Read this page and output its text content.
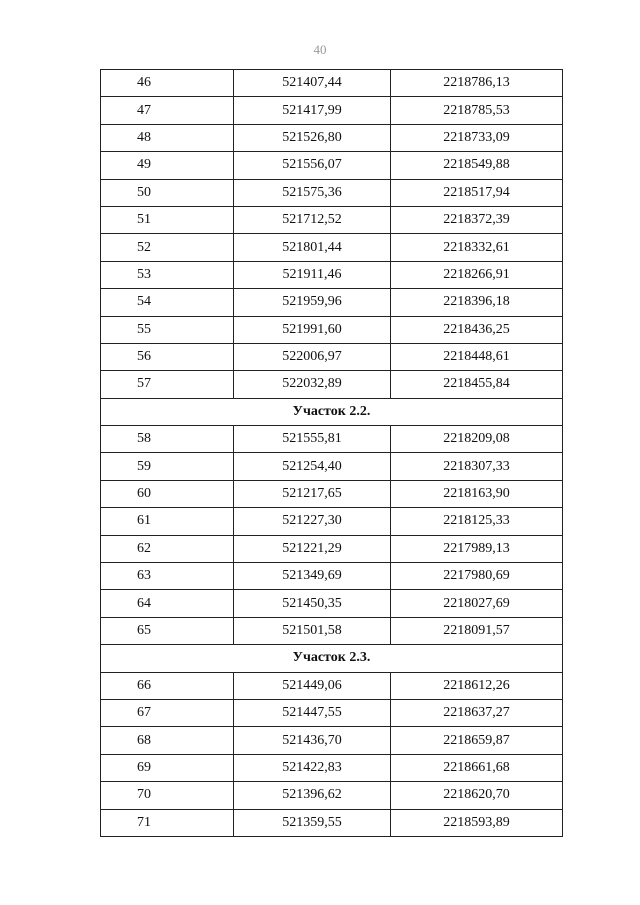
40
46	521407,44	2218786,13
47	521417,99	2218785,53
48	521526,80	2218733,09
49	521556,07	2218549,88
50	521575,36	2218517,94
51	521712,52	2218372,39
52	521801,44	2218332,61
53	521911,46	2218266,91
54	521959,96	2218396,18
55	521991,60	2218436,25
56	522006,97	2218448,61
57	522032,89	2218455,84
Участок 2.2.		
58	521555,81	2218209,08
59	521254,40	2218307,33
60	521217,65	2218163,90
61	521227,30	2218125,33
62	521221,29	2217989,13
63	521349,69	2217980,69
64	521450,35	2218027,69
65	521501,58	2218091,57
Участок 2.3.		
66	521449,06	2218612,26
67	521447,55	2218637,27
68	521436,70	2218659,87
69	521422,83	2218661,68
70	521396,62	2218620,70
71	521359,55	2218593,89
